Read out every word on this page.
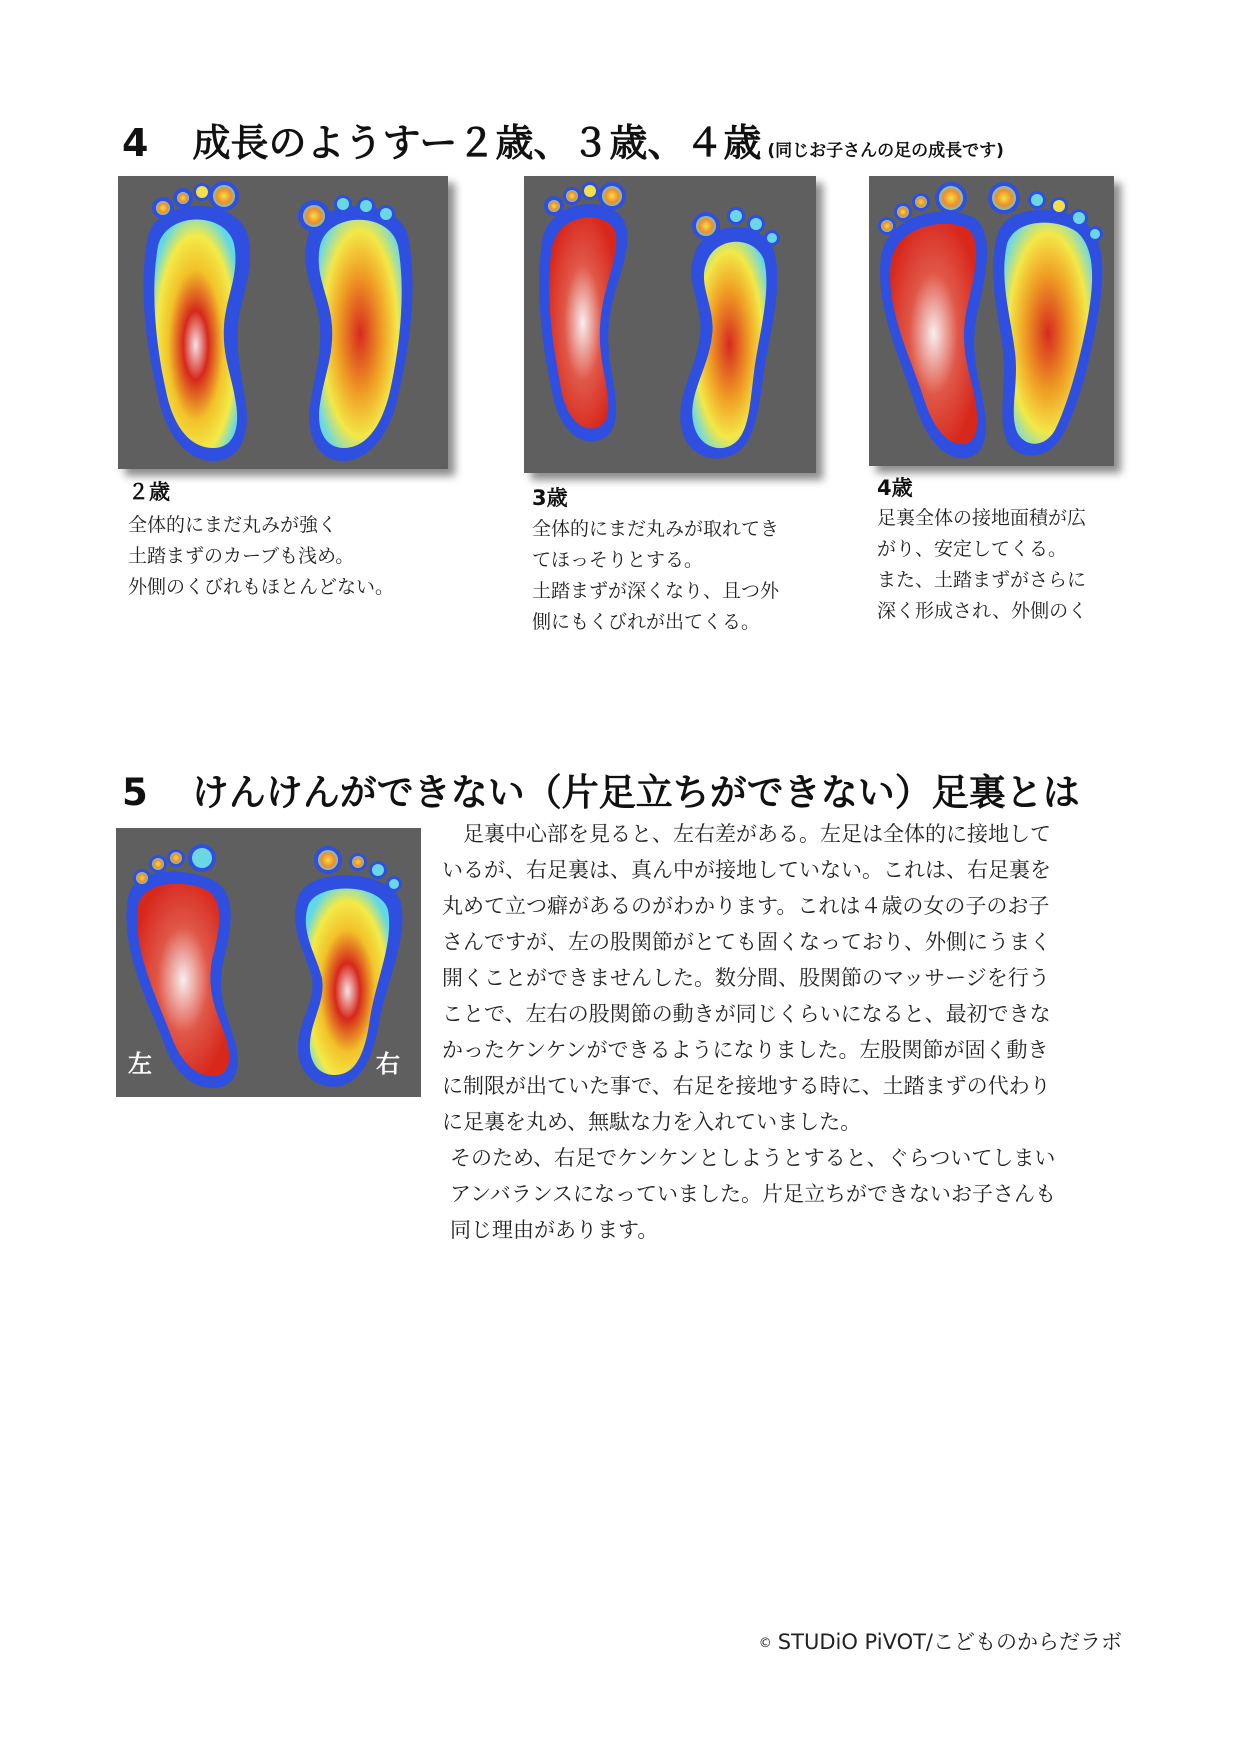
4 成長のようすー２歳、３歳、４歳 (同じお子さんの足の成長です)
２歳
全体的にまだ丸みが強く
土踏まずのカーブも浅め。
外側のくびれもほとんどない。
3歳
全体的にまだ丸みが取れてき
てほっそりとする。
土踏まずが深くなり、且つ外
側にもくびれが出てくる。
4歳
足裏全体の接地面積が広
がり、安定してくる。
また、土踏まずがさらに
深く形成され、外側のく
5 けんけんができない（片足立ちができない）足裏とは
左	右
　足裏中心部を見ると、左右差がある。左足は全体的に接地して
いるが、右足裏は、真ん中が接地していない。これは、右足裏を
丸めて立つ癖があるのがわかります。これは４歳の女の子のお子
さんですが、左の股関節がとても固くなっており、外側にうまく
開くことができませんした。数分間、股関節のマッサージを行う
ことで、左右の股関節の動きが同じくらいになると、最初できな
かったケンケンができるようになりました。左股関節が固く動き
に制限が出ていた事で、右足を接地する時に、土踏まずの代わり
に足裏を丸め、無駄な力を入れていました。
そのため、右足でケンケンとしようとすると、ぐらついてしまい
アンバランスになっていました。片足立ちができないお子さんも
同じ理由があります。
© STUDiO PiVOT/こどものからだラボ
